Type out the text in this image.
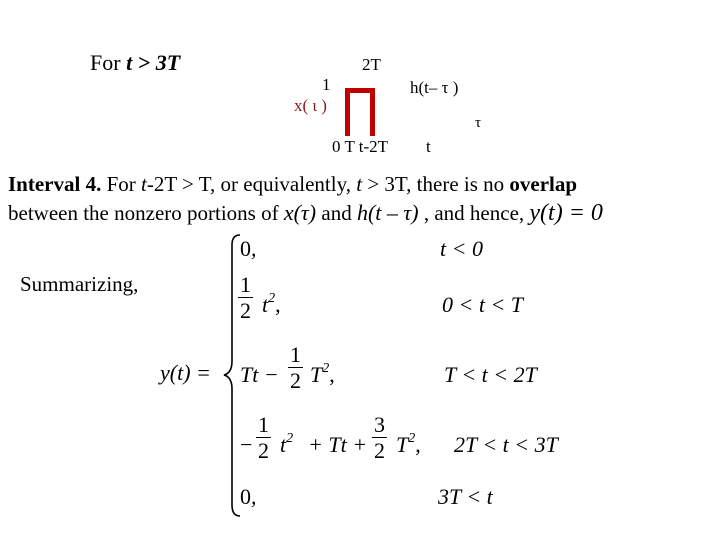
For t > 3T
1
2T
h(t– τ )
x( ι )
τ
0 T t-2T t
Interval 4. For t-2T > T, or equivalently, t > 3T, there is no overlap
between the nonzero portions of x(τ) and h(t – τ) , and hence, y(t) = 0
Summarizing,
y(t) =
0,	t < 0
$\frac{1}{2} t^2$,	0 < t < T
$Tt - \frac{1}{2} T^2$,	T < t < 2T
− $\frac{1}{2} t^2 + Tt + \frac{3}{2} T^2$, 2T < t < 3T
0,	3T < t
